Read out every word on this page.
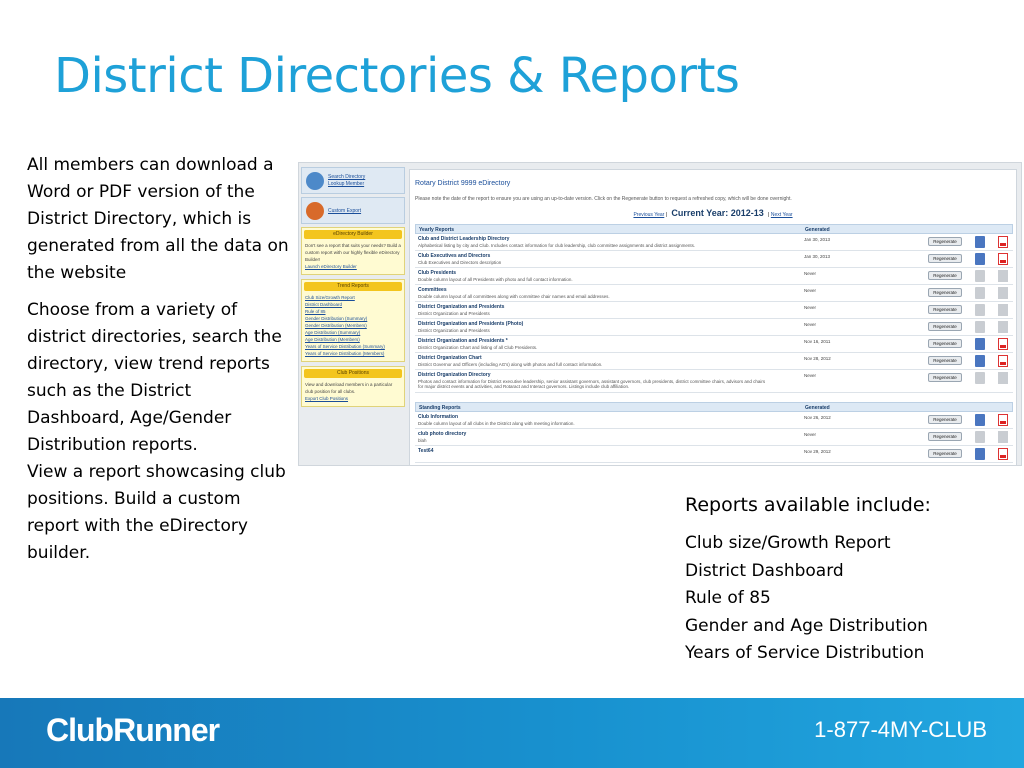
District Directories & Reports

All members can download a Word or PDF version of the District Directory, which is generated from all the data on the website

Choose from a variety of district directories, search the directory, view trend reports such as the District Dashboard, Age/Gender Distribution reports.

View a report showcasing club positions. Build a custom report with the eDirectory builder.

Search Directory
Lookup Member
Custom Export
eDirectory Builder
Don't see a report that suits your needs? Build a custom report with our highly flexible eDirectory Builder!
Launch eDirectory Builder
Trend Reports
Club Size/Growth Report
District Dashboard
Rule of 85
Gender Distribution (Summary)
Gender Distribution (Members)
Age Distribution (Summary)
Age Distribution (Members)
Years of Service Distribution (Summary)
Years of Service Distribution (Members)
Club Positions
View and download members in a particular club position for all clubs.
Export Club Positions
Rotary District 9999 eDirectory
Please note the date of the report to ensure you are using an up-to-date version. Click on the Regenerate button to request a refreshed copy, which will be done overnight.
Previous Year | Current Year: 2012-13 | Next Year
Yearly Reports	Generated
Club and District Leadership Directory
Alphabetical listing by city and Club. Includes contact information for club leadership, club committee assignments and district assignments.
Jan 30, 2013	Regenerate
Club Executives and Directors
Club Executives and Directors description
Jan 30, 2013	Regenerate
Club Presidents
Double column layout of all Presidents with photo and full contact information.
Never	Regenerate
Committees
Double column layout of all committees along with committee chair names and email addresses.
Never	Regenerate
District Organization and Presidents
District Organization and Presidents
Never	Regenerate
District Organization and Presidents (Photo)
District Organization and Presidents
Never	Regenerate
District Organization and Presidents *
District Organization Chart and listing of all Club Presidents.
Nov 16, 2011	Regenerate
District Organization Chart
District Governor and Officers (including AG's) along with photos and full contact information.
Nov 28, 2012	Regenerate
District Organization Directory
Photos and contact information for District executive leadership, senior assistant governors, assistant governors, club presidents, district committee chairs, advisors and chairs
for major district events and activities, and Rotaract and Interact governors. Listings include club affiliation.
Never	Regenerate
Standing Reports	Generated
Club Information
Double column layout of all clubs in the District along with meeting information.
Nov 26, 2012	Regenerate
club photo directory
blah
Never	Regenerate
Test64	Nov 29, 2012	Regenerate
Reports available include:
Club size/Growth Report
District Dashboard
Rule of 85
Gender and Age Distribution
Years of Service Distribution
ClubRunner	1-877-4MY-CLUB
